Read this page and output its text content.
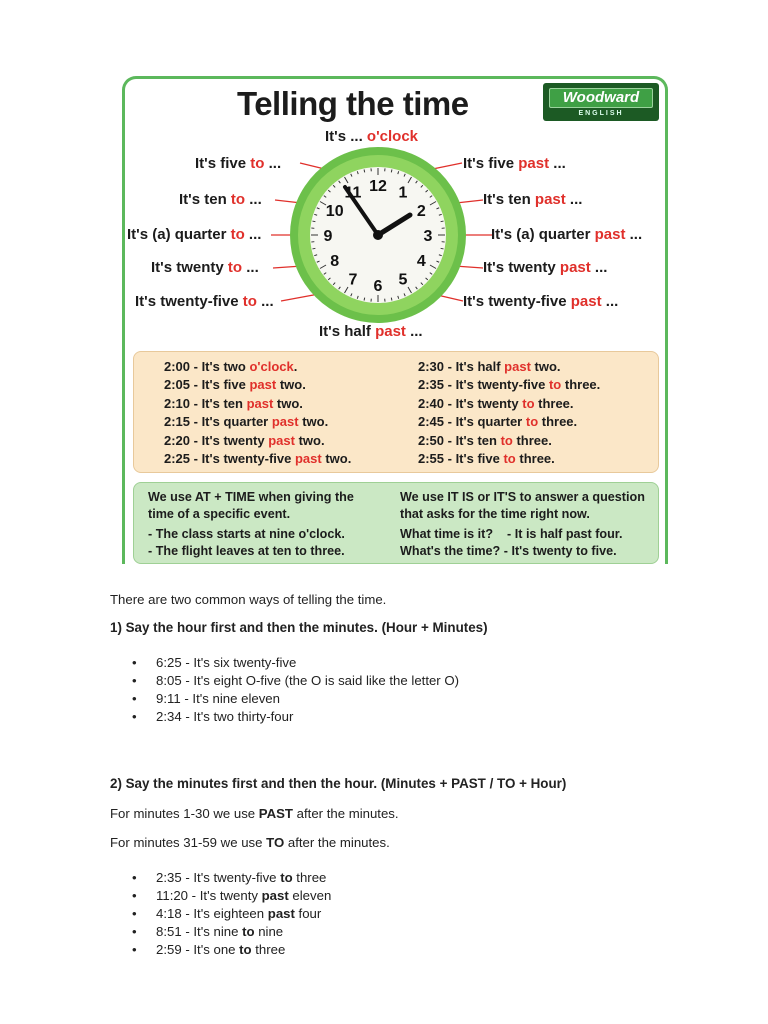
Telling the time	Woodward
ENGLISH
12 1
2
3
4
5
6
7
8
9
10
11
It's ... o'clock
It's five to ...
It's ten to ...
It's (a) quarter to ...
It's twenty to ...
It's twenty-five to ...
It's five past ...
It's ten past ...
It's (a) quarter past ...
It's twenty past ...
It's twenty-five past ...
It's half past ...
2:00 - It's two o'clock.
2:05 - It's five past two.
2:10 - It's ten past two.
2:15 - It's quarter past two.
2:20 - It's twenty past two.
2:25 - It's twenty-five past two.
2:30 - It's half past two.
2:35 - It's twenty-five to three.
2:40 - It's twenty to three.
2:45 - It's quarter to three.
2:50 - It's ten to three.
2:55 - It's five to three.

We use AT + TIME when giving the

time of a specific event.

- The class starts at nine o'clock.

- The flight leaves at ten to three.

We use IT IS or IT'S to answer a question

that asks for the time right now.

What time is it?    - It is half past four.

What's the time? - It's twenty to five.

There are two common ways of telling the time.
1) Say the hour first and then the minutes. (Hour + Minutes)
• 6:25 - It's six twenty-five
• 8:05 - It's eight O-five (the O is said like the letter O)
• 9:11 - It's nine eleven
• 2:34 - It's two thirty-four
2) Say the minutes first and then the hour. (Minutes + PAST / TO + Hour)
For minutes 1-30 we use PAST after the minutes.
For minutes 31-59 we use TO after the minutes.
• 2:35 - It's twenty-five to three
• 11:20 - It's twenty past eleven
• 4:18 - It's eighteen past four
• 8:51 - It's nine to nine
• 2:59 - It's one to three
